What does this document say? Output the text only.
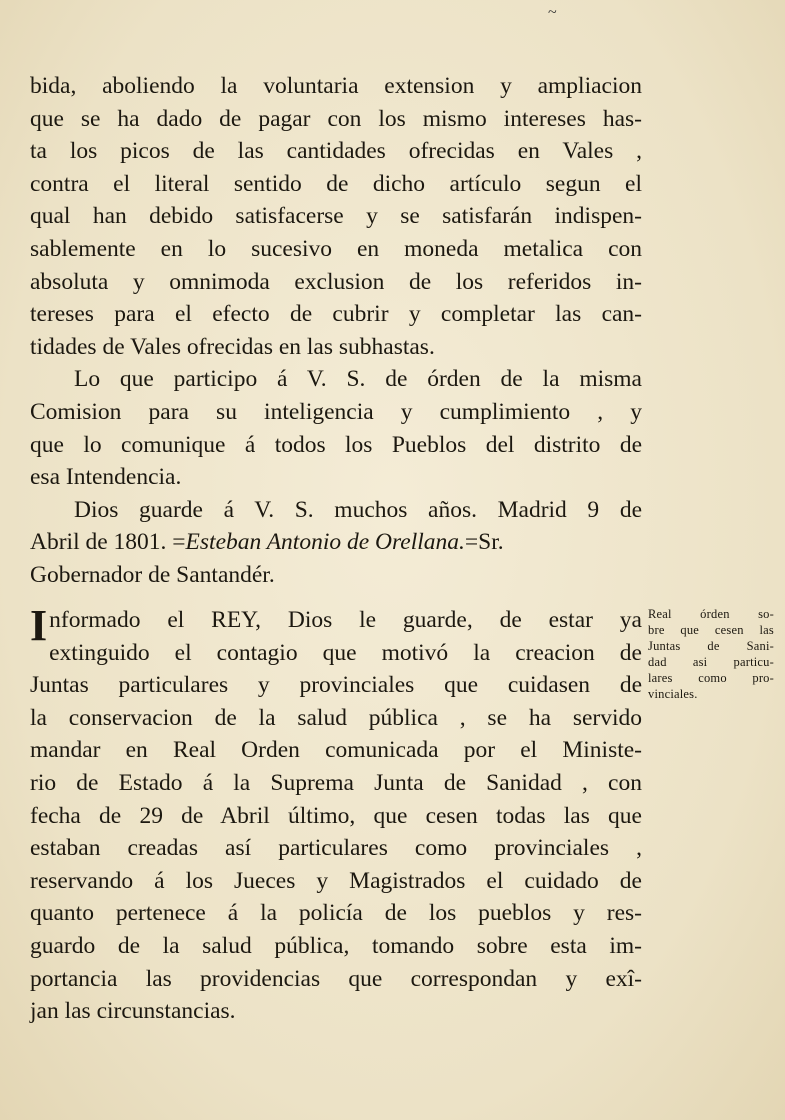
~
bida, aboliendo la voluntaria extension y ampliacion
que se ha dado de pagar con los mismo intereses has-
ta los picos de las cantidades ofrecidas en Vales ,
contra el literal sentido de dicho artículo segun el
qual han debido satisfacerse y se satisfarán indispen-
sablemente en lo sucesivo en moneda metalica con
absoluta y omnimoda exclusion de los referidos in-
tereses para el efecto de cubrir y completar las can-
tidades de Vales ofrecidas en las subhastas.
Lo que participo á V. S. de órden de la misma
Comision para su inteligencia y cumplimiento , y
que lo comunique á todos los Pueblos del distrito de
esa Intendencia.
Dios guarde á V. S. muchos años. Madrid 9 de
Abril de 1801. =Esteban Antonio de Orellana.=Sr.
Gobernador de Santandér.
I nformado el REY, Dios le guarde, de estar ya
extinguido el contagio que motivó la creacion de
Juntas particulares y provinciales que cuidasen de
la conservacion de la salud pública , se ha servido
mandar en Real Orden comunicada por el Ministe-
rio de Estado á la Suprema Junta de Sanidad , con
fecha de 29 de Abril último, que cesen todas las que
estaban creadas así particulares como provinciales ,
reservando á los Jueces y Magistrados el cuidado de
quanto pertenece á la policía de los pueblos y res-
guardo de la salud pública, tomando sobre esta im-
portancia las providencias que correspondan y exî-
jan las circunstancias.
Real órden so-
bre que cesen las
Juntas de Sani-
dad asi particu-
lares como pro-
vinciales.
